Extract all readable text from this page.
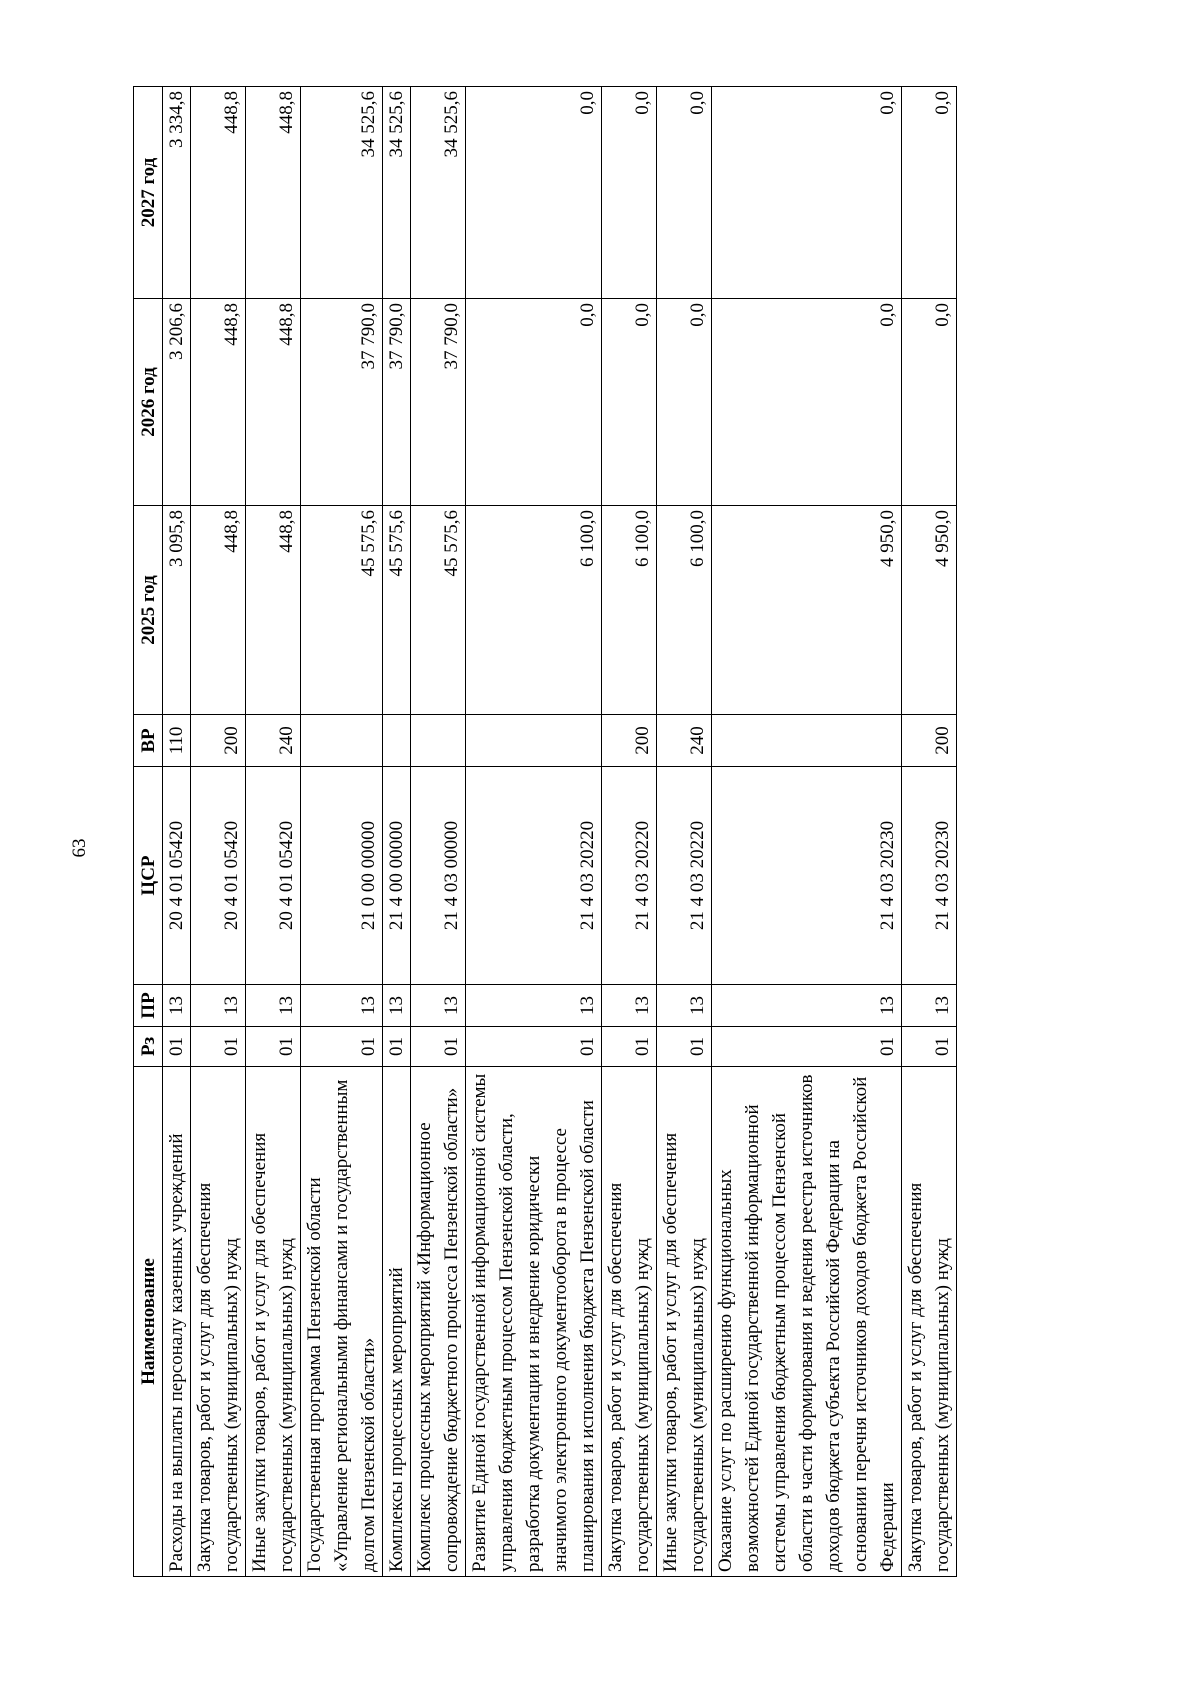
63
Наименование	Рз	ПР	ЦСР	ВР	2025 год	2026 год	2027 год
Расходы на выплаты персоналу казенных учреждений	01	13	20 4 01 05420	110	3 095,8	3 206,6	3 334,8
Закупка товаров, работ и услуг для обеспечения государственных (муниципальных) нужд	01	13	20 4 01 05420	200	448,8	448,8	448,8
Иные закупки товаров, работ и услуг для обеспечения государственных (муниципальных) нужд	01	13	20 4 01 05420	240	448,8	448,8	448,8
Государственная программа Пензенской области «Управление региональными финансами и государственным долгом Пензенской области»	01	13	21 0 00 00000		45 575,6	37 790,0	34 525,6
Комплексы процессных мероприятий	01	13	21 4 00 00000		45 575,6	37 790,0	34 525,6
Комплекс процессных мероприятий «Информационное сопровождение бюджетного процесса Пензенской области»	01	13	21 4 03 00000		45 575,6	37 790,0	34 525,6
Развитие Единой государственной информационной системы управления бюджетным процессом Пензенской области, разработка документации и внедрение юридически значимого электронного документооборота в процессе планирования и исполнения бюджета Пензенской области	01	13	21 4 03 20220		6 100,0	0,0	0,0
Закупка товаров, работ и услуг для обеспечения государственных (муниципальных) нужд	01	13	21 4 03 20220	200	6 100,0	0,0	0,0
Иные закупки товаров, работ и услуг для обеспечения государственных (муниципальных) нужд	01	13	21 4 03 20220	240	6 100,0	0,0	0,0
Оказание услуг по расширению функциональных возможностей Единой государственной информационной системы управления бюджетным процессом Пензенской области в части формирования и ведения реестра источников доходов бюджета субъекта Российской Федерации на основании перечня источников доходов бюджета Российской Федерации	01	13	21 4 03 20230		4 950,0	0,0	0,0
Закупка товаров, работ и услуг для обеспечения государственных (муниципальных) нужд	01	13	21 4 03 20230	200	4 950,0	0,0	0,0
